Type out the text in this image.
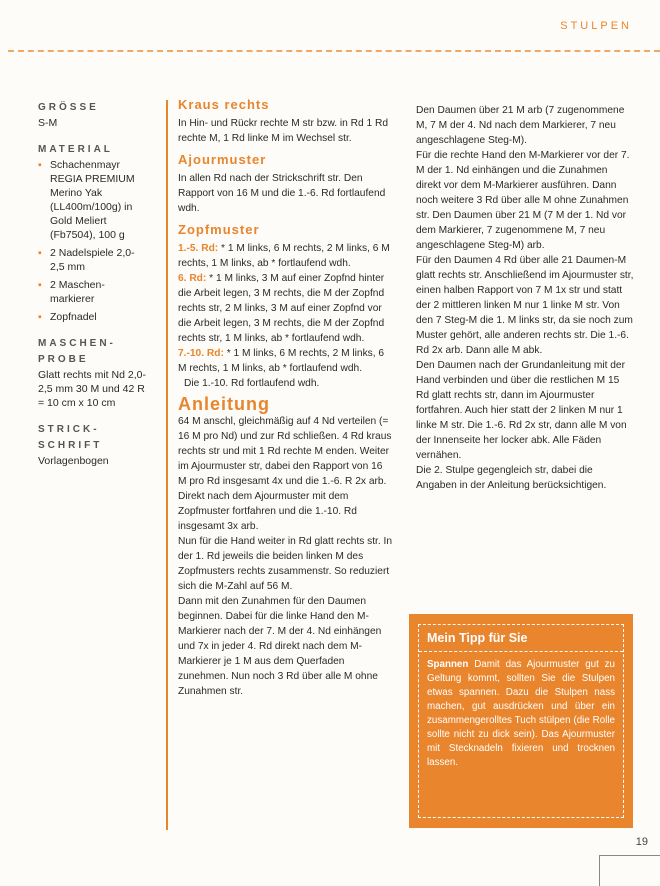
STULPEN

GRÖSSE

S-M

MATERIAL

▪ Schachenmayr REGIA PREMIUM Merino Yak (LL400m/100g) in Gold Meliert (Fb7504), 100 g
▪ 2 Nadelspiele 2,0-2,5 mm
▪ 2 Maschen-markierer
▪ Zopfnadel

MASCHEN-
PROBE

Glatt rechts mit Nd 2,0-2,5 mm 30 M und 42 R = 10 cm x 10 cm

STRICK-
SCHRIFT

Vorlagenbogen

Kraus rechts

In Hin- und Rückr rechte M str bzw. in Rd 1 Rd rechte M, 1 Rd linke M im Wechsel str.

Ajourmuster

In allen Rd nach der Strickschrift str. Den Rapport von 16 M und die 1.-6. Rd fortlaufend wdh.

Zopfmuster

1.-5. Rd: * 1 M links, 6 M rechts, 2 M links, 6 M rechts, 1 M links, ab * fortlaufend wdh.

6. Rd: * 1 M links, 3 M auf einer Zopfnd hinter die Arbeit legen, 3 M rechts, die M der Zopfnd rechts str, 2 M links, 3 M auf einer Zopfnd vor die Arbeit legen, 3 M rechts, die M der Zopfnd rechts str, 1 M links, ab * fortlaufend wdh.

7.-10. Rd: * 1 M links, 6 M rechts, 2 M links, 6 M rechts, 1 M links, ab * fortlaufend wdh.

Die 1.-10. Rd fortlaufend wdh.

Anleitung

64 M anschl, gleichmäßig auf 4 Nd verteilen (= 16 M pro Nd) und zur Rd schließen. 4 Rd kraus rechts str und mit 1 Rd rechte M enden. Weiter im Ajourmuster str, dabei den Rapport von 16 M pro Rd insgesamt 4x und die 1.-6. R 2x arb. Direkt nach dem Ajourmuster mit dem Zopfmuster fortfahren und die 1.-10. Rd insgesamt 3x arb.

Nun für die Hand weiter in Rd glatt rechts str. In der 1. Rd jeweils die beiden linken M des Zopfmusters rechts zusammenstr. So reduziert sich die M-Zahl auf 56 M.

Dann mit den Zunahmen für den Daumen beginnen. Dabei für die linke Hand den M-Markierer nach der 7. M der 4. Nd einhängen und 7x in jeder 4. Rd direkt nach dem M-Markierer je 1 M aus dem Querfaden zunehmen. Nun noch 3 Rd über alle M ohne Zunahmen str.

Den Daumen über 21 M arb (7 zugenommene M, 7 M der 4. Nd nach dem Markierer, 7 neu angeschlagene Steg-M).

Für die rechte Hand den M-Markierer vor der 7. M der 1. Nd einhängen und die Zunahmen direkt vor dem M-Markierer ausführen. Dann noch weitere 3 Rd über alle M ohne Zunahmen str. Den Daumen über 21 M (7 M der 1. Nd vor dem Markierer, 7 zugenommene M, 7 neu angeschlagene Steg-M) arb.

Für den Daumen 4 Rd über alle 21 Daumen-M glatt rechts str. Anschließend im Ajourmuster str, einen halben Rapport von 7 M 1x str und statt der 2 mittleren linken M nur 1 linke M str. Von den 7 Steg-M die 1. M links str, da sie noch zum Muster gehört, alle anderen rechts str. Die 1.-6. Rd 2x arb. Dann alle M abk.

Den Daumen nach der Grundanleitung mit der Hand verbinden und über die restlichen M 15 Rd glatt rechts str, dann im Ajourmuster fortfahren. Auch hier statt der 2 linken M nur 1 linke M str. Die 1.-6. Rd 2x str, dann alle M von der Innenseite her locker abk. Alle Fäden vernähen.

Die 2. Stulpe gegengleich str, dabei die Angaben in der Anleitung berücksichtigen.

Mein Tipp für Sie

Spannen Damit das Ajourmuster gut zu Geltung kommt, sollten Sie die Stulpen etwas spannen. Dazu die Stulpen nass machen, gut ausdrücken und über ein zusammengerolltes Tuch stülpen (die Rolle sollte nicht zu dick sein). Das Ajourmuster mit Stecknadeln fixieren und trocknen lassen.

19
